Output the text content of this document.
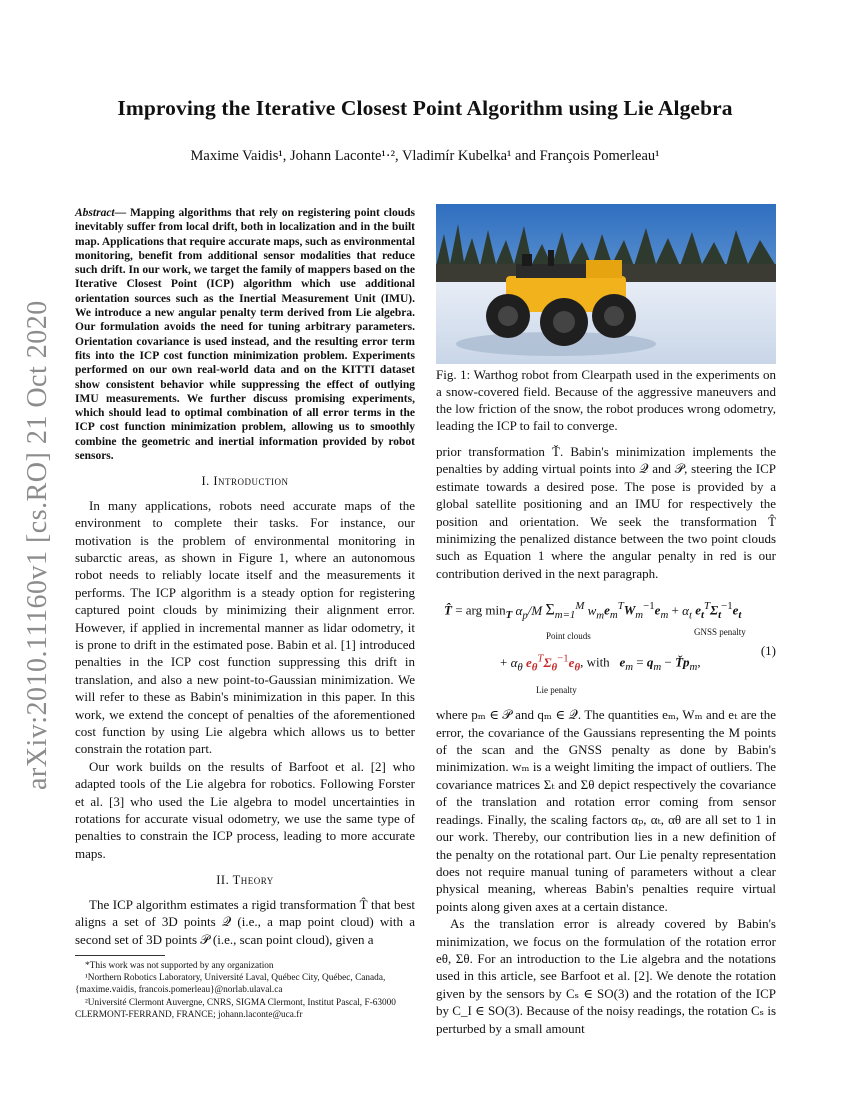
Improving the Iterative Closest Point Algorithm using Lie Algebra
Maxime Vaidis¹, Johann Laconte¹·², Vladimír Kubelka¹ and François Pomerleau¹
arXiv:2010.11160v1 [cs.RO] 21 Oct 2020
Abstract— Mapping algorithms that rely on registering point clouds inevitably suffer from local drift, both in localization and in the built map. Applications that require accurate maps, such as environmental monitoring, benefit from additional sensor modalities that reduce such drift. In our work, we target the family of mappers based on the Iterative Closest Point (ICP) algorithm which use additional orientation sources such as the Inertial Measurement Unit (IMU). We introduce a new angular penalty term derived from Lie algebra. Our formulation avoids the need for tuning arbitrary parameters. Orientation covariance is used instead, and the resulting error term fits into the ICP cost function minimization problem. Experiments performed on our own real-world data and on the KITTI dataset show consistent behavior while suppressing the effect of outlying IMU measurements. We further discuss promising experiments, which should lead to optimal combination of all error terms in the ICP cost function minimization problem, allowing us to smoothly combine the geometric and inertial information provided by robot sensors.
I. Introduction

In many applications, robots need accurate maps of the environment to complete their tasks. For instance, our motivation is the problem of environmental monitoring in subarctic areas, as shown in Figure 1, where an autonomous robot needs to reliably locate itself and the measurements it performs. The ICP algorithm is a steady option for registering captured point clouds by minimizing their alignment error. However, if applied in incremental manner as lidar odometry, it is prone to drift in the estimated pose. Babin et al. [1] introduced penalties in the ICP cost function suppressing this drift in translation, and also a new point-to-Gaussian minimization. We will refer to these as Babin's minimization in this paper. In this work, we extend the concept of penalties of the aforementioned cost function by using Lie algebra which allows us to better constrain the rotation part.

Our work builds on the results of Barfoot et al. [2] who adapted tools of the Lie algebra for robotics. Following Forster et al. [3] who used the Lie algebra to model uncertainties in rotations for accurate visual odometry, we use the same type of penalties to constrain the ICP process, leading to more accurate maps.

II. Theory

The ICP algorithm estimates a rigid transformation T̂ that best aligns a set of 3D points 𝒬 (i.e., a map point cloud) with a second set of 3D points 𝒫 (i.e., scan point cloud), given a

*This work was not supported by any organization
¹Northern Robotics Laboratory, Université Laval, Québec City, Québec, Canada, {maxime.vaidis, francois.pomerleau}@norlab.ulaval.ca
²Université Clermont Auvergne, CNRS, SIGMA Clermont, Institut Pascal, F-63000 CLERMONT-FERRAND, FRANCE; johann.laconte@uca.fr
Fig. 1: Warthog robot from Clearpath used in the experiments on a snow-covered field. Because of the aggressive maneuvers and the low friction of the snow, the robot produces wrong odometry, leading the ICP to fail to converge.

prior transformation Ť. Babin's minimization implements the penalties by adding virtual points into 𝒬 and 𝒫, steering the ICP estimate towards a desired pose. The pose is provided by a global satellite positioning and an IMU for respectively the position and orientation. We seek the transformation T̂ minimizing the penalized distance between the two point clouds such as Equation 1 where the angular penalty in red is our contribution derived in the next paragraph.

T̂ = arg $\min_T \alpha_p/M$ $\Sigma_{m=1}^M$ $w_me_m^TW_m^{-1}e_m + \alpha_t$ $e_t^T\Sigma_t^{-1}e_t$
Point clouds	GNSS penalty
(1)
+ $\alpha_\theta$ $e_\theta^T\Sigma_\theta^{-1}e_\theta$, with   $e_m = q_m$ − $Ťp_m$,
Lie penalty

where pₘ ∈ 𝒫 and qₘ ∈ 𝒬. The quantities eₘ, Wₘ and eₜ are the error, the covariance of the Gaussians representing the M points of the scan and the GNSS penalty as done by Babin's minimization. wₘ is a weight limiting the impact of outliers. The covariance matrices Σₜ and Σθ depict respectively the covariance of the translation and rotation error coming from sensor readings. Finally, the scaling factors αₚ, αₜ, αθ are all set to 1 in our work. Thereby, our contribution lies in a new definition of the penalty on the rotational part. Our Lie penalty representation does not require manual tuning of parameters without a clear physical meaning, whereas Babin's penalties require virtual points along given axes at a certain distance.

As the translation error is already covered by Babin's minimization, we focus on the formulation of the rotation error eθ, Σθ. For an introduction to the Lie algebra and the notations used in this article, see Barfoot et al. [2]. We denote the rotation given by the sensors by Cₛ ∈ SO(3) and the rotation of the ICP by C_I ∈ SO(3). Because of the noisy readings, the rotation Cₛ is perturbed by a small amount
